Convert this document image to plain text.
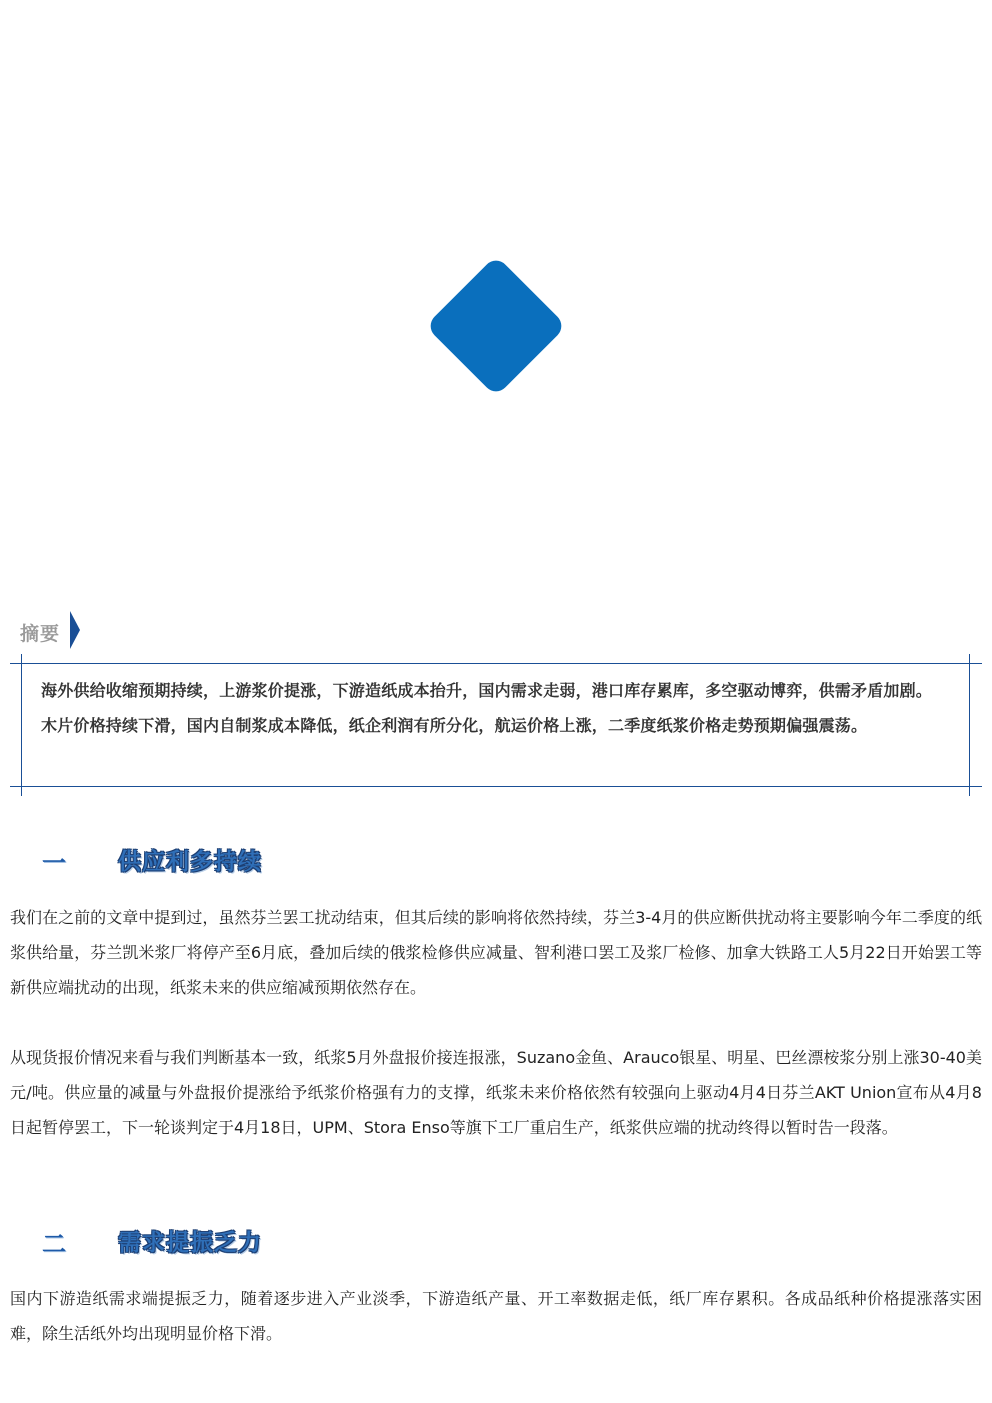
摘要
海外供给收缩预期持续，上游浆价提涨，下游造纸成本抬升，国内需求走弱，港口库存累库，多空驱动博弈，供需矛盾加剧。木片价格持续下滑，国内自制浆成本降低，纸企利润有所分化，航运价格上涨，二季度纸浆价格走势预期偏强震荡。
一 供应利多持续
我们在之前的文章中提到过，虽然芬兰罢工扰动结束，但其后续的影响将依然持续，芬兰3-4月的供应断供扰动将主要影响今年二季度的纸浆供给量，芬兰凯米浆厂将停产至6月底，叠加后续的俄浆检修供应减量、智利港口罢工及浆厂检修、加拿大铁路工人5月22日开始罢工等新供应端扰动的出现，纸浆未来的供应缩减预期依然存在。
从现货报价情况来看与我们判断基本一致，纸浆5月外盘报价接连报涨，Suzano金鱼、Arauco银星、明星、巴丝漂桉浆分别上涨30-40美元/吨。供应量的减量与外盘报价提涨给予纸浆价格强有力的支撑，纸浆未来价格依然有较强向上驱动4月4日芬兰AKT Union宣布从4月8日起暂停罢工，下一轮谈判定于4月18日，UPM、Stora Enso等旗下工厂重启生产，纸浆供应端的扰动终得以暂时告一段落。
二 需求提振乏力
国内下游造纸需求端提振乏力，随着逐步进入产业淡季，下游造纸产量、开工率数据走低，纸厂库存累积。各成品纸种价格提涨落实困难，除生活纸外均出现明显价格下滑。
